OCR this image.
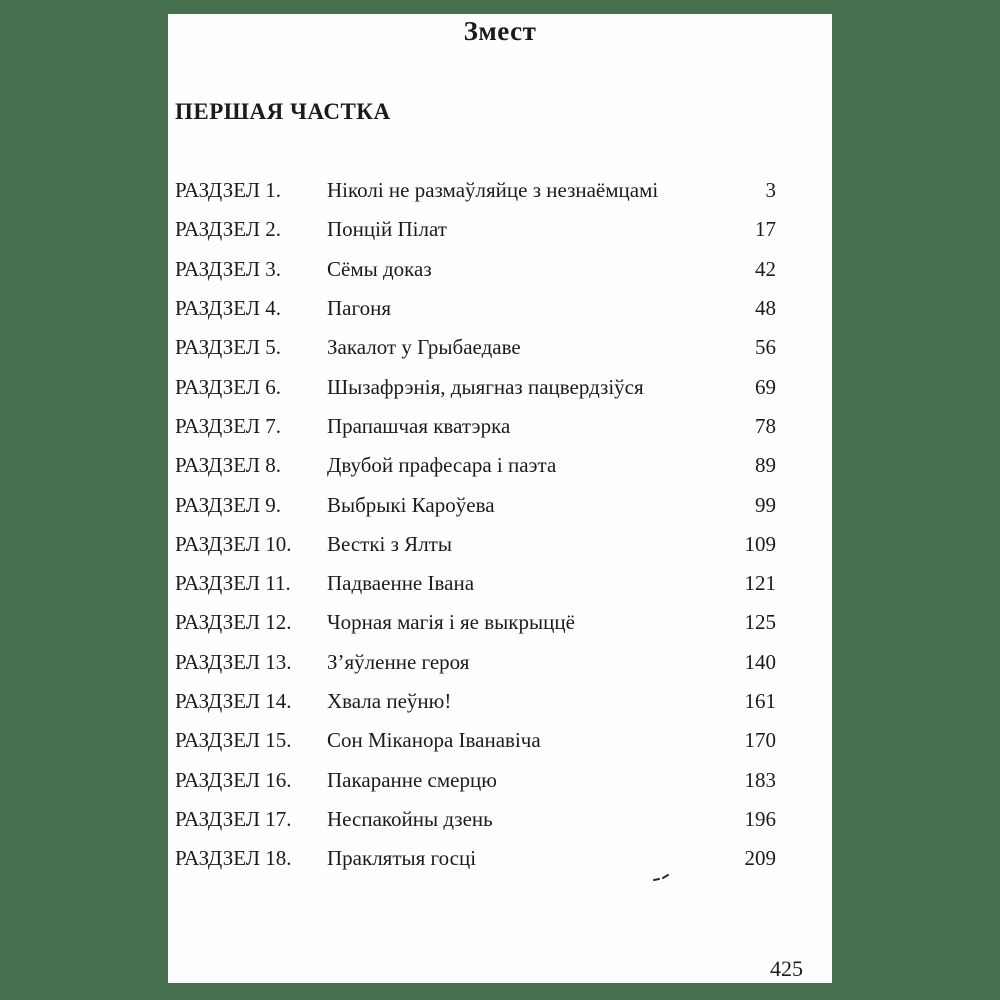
Змест
ПЕРШАЯ ЧАСТКА
РАЗДЗЕЛ 1.	Ніколі не размаўляйце з незнаёмцамі	3
РАЗДЗЕЛ 2.	Понцій Пілат	17
РАЗДЗЕЛ 3.	Сёмы доказ	42
РАЗДЗЕЛ 4.	Пагоня	48
РАЗДЗЕЛ 5.	Закалот у Грыбаедаве	56
РАЗДЗЕЛ 6.	Шызафрэнія, дыягназ пацвердзіўся	69
РАЗДЗЕЛ 7.	Прапашчая кватэрка	78
РАЗДЗЕЛ 8.	Двубой прафесара і паэта	89
РАЗДЗЕЛ 9.	Выбрыкі Кароўева	99
РАЗДЗЕЛ 10.	Весткі з Ялты	109
РАЗДЗЕЛ 11.	Падваенне Івана	121
РАЗДЗЕЛ 12.	Чорная магія і яе выкрыццё	125
РАЗДЗЕЛ 13.	З’яўленне героя	140
РАЗДЗЕЛ 14.	Хвала пеўню!	161
РАЗДЗЕЛ 15.	Сон Міканора Іванавіча	170
РАЗДЗЕЛ 16.	Пакаранне смерцю	183
РАЗДЗЕЛ 17.	Неспакойны дзень	196
РАЗДЗЕЛ 18.	Праклятыя госці	209
425
